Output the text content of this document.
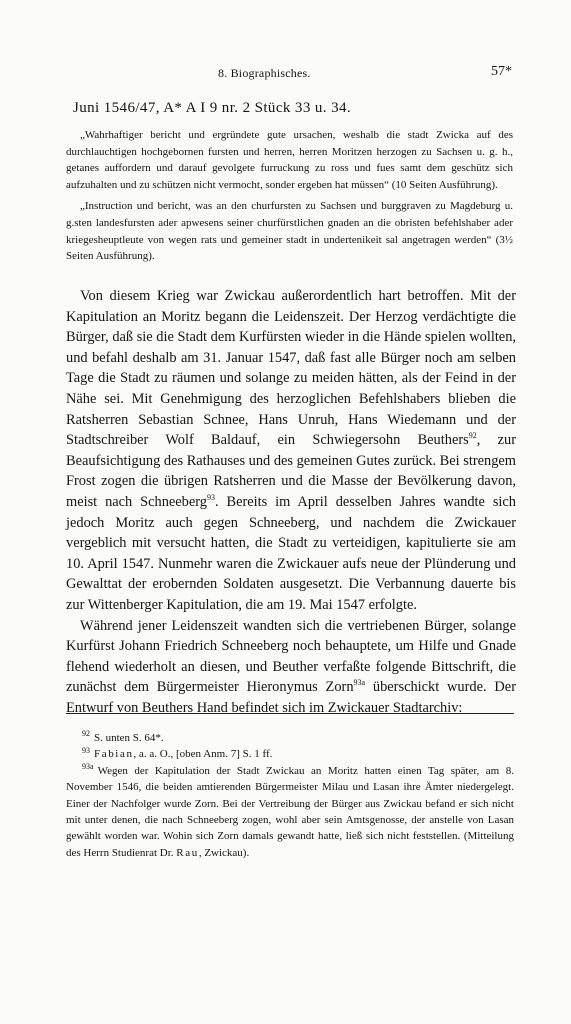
8. Biographisches.	57*
Juni 1546/47, A* A I 9 nr. 2 Stück 33 u. 34.

„Wahrhaftiger bericht und ergründete gute ursachen, weshalb die stadt Zwicka auf des durchlauchtigen hochgebornen fursten und herren, herren Moritzen herzogen zu Sachsen u. g. h., getanes auffordern und darauf gevolgete furruckung zu ross und fues samt dem geschütz sich aufzuhalten und zu schützen nicht vermocht, sonder ergeben hat müssen“ (10 Seiten Ausführung).

„Instruction und bericht, was an den churfursten zu Sachsen und burggraven zu Magdeburg u. g.sten landesfursten ader apwesens seiner churfürstlichen gnaden an die obristen befehlshaber ader kriegesheuptleute von wegen rats und gemeiner stadt in undertenikeit sal angetragen werden“ (3½ Seiten Ausführung).

Von diesem Krieg war Zwickau außerordentlich hart betroffen. Mit der Kapitulation an Moritz begann die Leidenszeit. Der Herzog verdächtigte die Bürger, daß sie die Stadt dem Kurfürsten wieder in die Hände spielen wollten, und befahl deshalb am 31. Januar 1547, daß fast alle Bürger noch am selben Tage die Stadt zu räumen und solange zu meiden hätten, als der Feind in der Nähe sei. Mit Genehmigung des herzoglichen Befehlshabers blieben die Ratsherren Sebastian Schnee, Hans Unruh, Hans Wiedemann und der Stadtschreiber Wolf Baldauf, ein Schwiegersohn Beuthers$^{92}$, zur Beaufsichtigung des Rathauses und des gemeinen Gutes zurück. Bei strengem Frost zogen die übrigen Ratsherren und die Masse der Bevölkerung davon, meist nach Schneeberg$^{93}$. Bereits im April desselben Jahres wandte sich jedoch Moritz auch gegen Schneeberg, und nachdem die Zwickauer vergeblich mit versucht hatten, die Stadt zu verteidigen, kapitulierte sie am 10. April 1547. Nunmehr waren die Zwickauer aufs neue der Plünderung und Gewalttat der erobernden Soldaten ausgesetzt. Die Verbannung dauerte bis zur Wittenberger Kapitulation, die am 19. Mai 1547 erfolgte.

Während jener Leidenszeit wandten sich die vertriebenen Bürger, solange Kurfürst Johann Friedrich Schneeberg noch behauptete, um Hilfe und Gnade flehend wiederholt an diesen, und Beuther verfaßte folgende Bittschrift, die zunächst dem Bürgermeister Hieronymus Zorn$^{93a}$ überschickt wurde. Der Entwurf von Beuthers Hand befindet sich im Zwickauer Stadtarchiv:

$^{92}$ S. unten S. 64*.
$^{93}$ Fabian, a. a. O., [oben Anm. 7] S. 1 ff.
$^{93a}$ Wegen der Kapitulation der Stadt Zwickau an Moritz hatten einen Tag später, am 8. November 1546, die beiden amtierenden Bürgermeister Milau und Lasan ihre Ämter niedergelegt. Einer der Nachfolger wurde Zorn. Bei der Vertreibung der Bürger aus Zwickau befand er sich nicht mit unter denen, die nach Schneeberg zogen, wohl aber sein Amtsgenosse, der anstelle von Lasan gewählt worden war. Wohin sich Zorn damals gewandt hatte, ließ sich nicht feststellen. (Mitteilung des Herrn Studienrat Dr. Rau, Zwickau).
